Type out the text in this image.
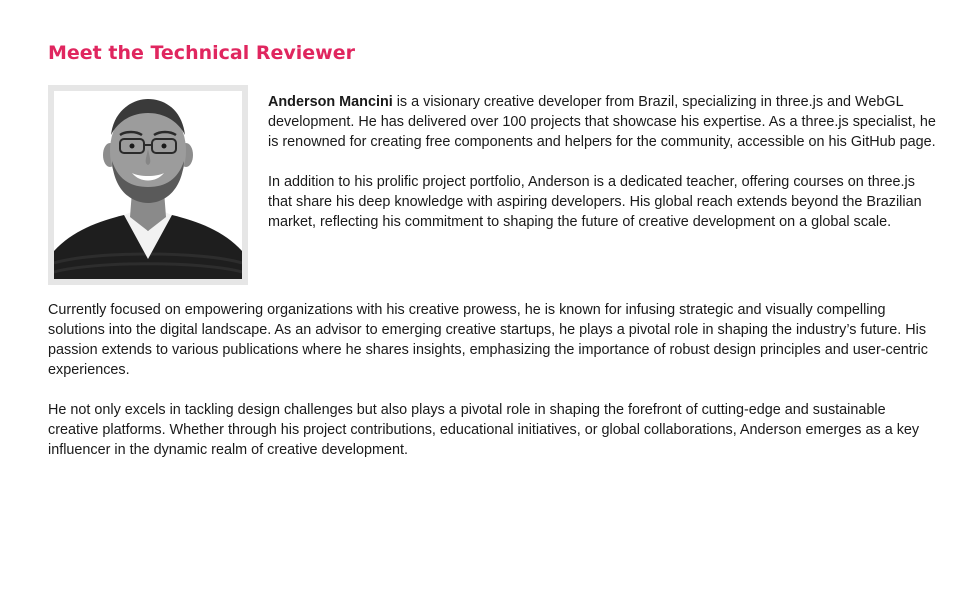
Meet the Technical Reviewer

Anderson Mancini is a visionary creative developer from Brazil, specializing in three.js and WebGL development. He has delivered over 100 projects that showcase his expertise. As a three.js specialist, he is renowned for creating free components and helpers for the community, accessible on his GitHub page.

In addition to his prolific project portfolio, Anderson is a dedicated teacher, offering courses on three.js that share his deep knowledge with aspiring developers. His global reach extends beyond the Brazilian market, reflecting his commitment to shaping the future of creative development on a global scale.

Currently focused on empowering organizations with his creative prowess, he is known for infusing strategic and visually compelling solutions into the digital landscape. As an advisor to emerging creative startups, he plays a pivotal role in shaping the industry’s future. His passion extends to various publications where he shares insights, emphasizing the importance of robust design principles and user-centric experiences.

He not only excels in tackling design challenges but also plays a pivotal role in shaping the forefront of cutting-edge and sustainable creative platforms. Whether through his project contributions, educational initiatives, or global collaborations, Anderson emerges as a key influencer in the dynamic realm of creative development.
